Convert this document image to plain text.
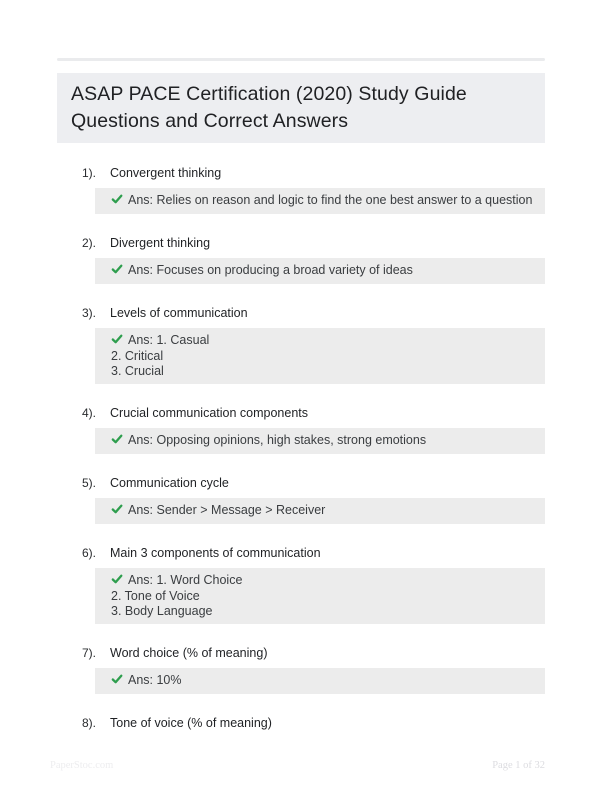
ASAP PACE Certification (2020) Study Guide Questions and Correct Answers
1).	Convergent thinking
Ans: Relies on reason and logic to find the one best answer to a question
2).	Divergent thinking
Ans: Focuses on producing a broad variety of ideas
3).	Levels of communication
Ans: 1. Casual
2. Critical
3. Crucial
4).	Crucial communication components
Ans: Opposing opinions, high stakes, strong emotions
5).	Communication cycle
Ans: Sender > Message > Receiver
6).	Main 3 components of communication
Ans: 1. Word Choice
2. Tone of Voice
3. Body Language
7).	Word choice (% of meaning)
Ans: 10%
8).	Tone of voice (% of meaning)
PaperStoc.com	Page 1 of 32
